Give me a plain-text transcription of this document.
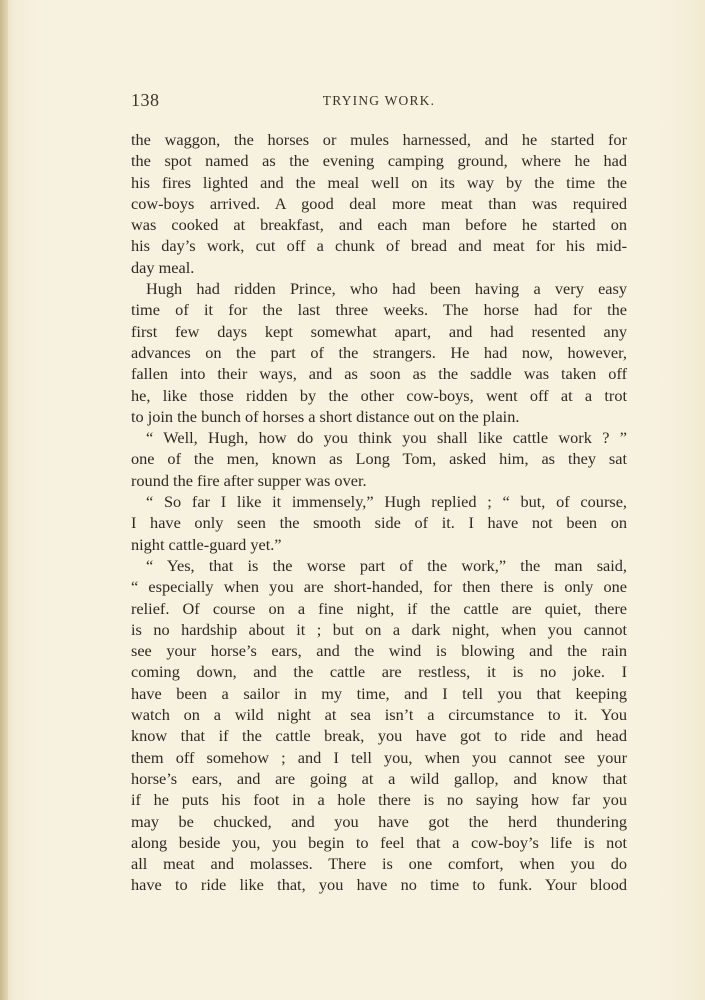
138	TRYING WORK.
the waggon, the horses or mules harnessed, and he started for
the spot named as the evening camping ground, where he had
his fires lighted and the meal well on its way by the time the
cow-boys arrived. A good deal more meat than was required
was cooked at breakfast, and each man before he started on
his day’s work, cut off a chunk of bread and meat for his mid-
day meal.
Hugh had ridden Prince, who had been having a very easy
time of it for the last three weeks. The horse had for the
first few days kept somewhat apart, and had resented any
advances on the part of the strangers. He had now, however,
fallen into their ways, and as soon as the saddle was taken off
he, like those ridden by the other cow-boys, went off at a trot
to join the bunch of horses a short distance out on the plain.
“ Well, Hugh, how do you think you shall like cattle work ? ”
one of the men, known as Long Tom, asked him, as they sat
round the fire after supper was over.
“ So far I like it immensely,” Hugh replied ; “ but, of course,
I have only seen the smooth side of it. I have not been on
night cattle-guard yet.”
“ Yes, that is the worse part of the work,” the man said,
“ especially when you are short-handed, for then there is only one
relief. Of course on a fine night, if the cattle are quiet, there
is no hardship about it ; but on a dark night, when you cannot
see your horse’s ears, and the wind is blowing and the rain
coming down, and the cattle are restless, it is no joke. I
have been a sailor in my time, and I tell you that keeping
watch on a wild night at sea isn’t a circumstance to it. You
know that if the cattle break, you have got to ride and head
them off somehow ; and I tell you, when you cannot see your
horse’s ears, and are going at a wild gallop, and know that
if he puts his foot in a hole there is no saying how far you
may be chucked, and you have got the herd thundering
along beside you, you begin to feel that a cow-boy’s life is not
all meat and molasses. There is one comfort, when you do
have to ride like that, you have no time to funk. Your blood
